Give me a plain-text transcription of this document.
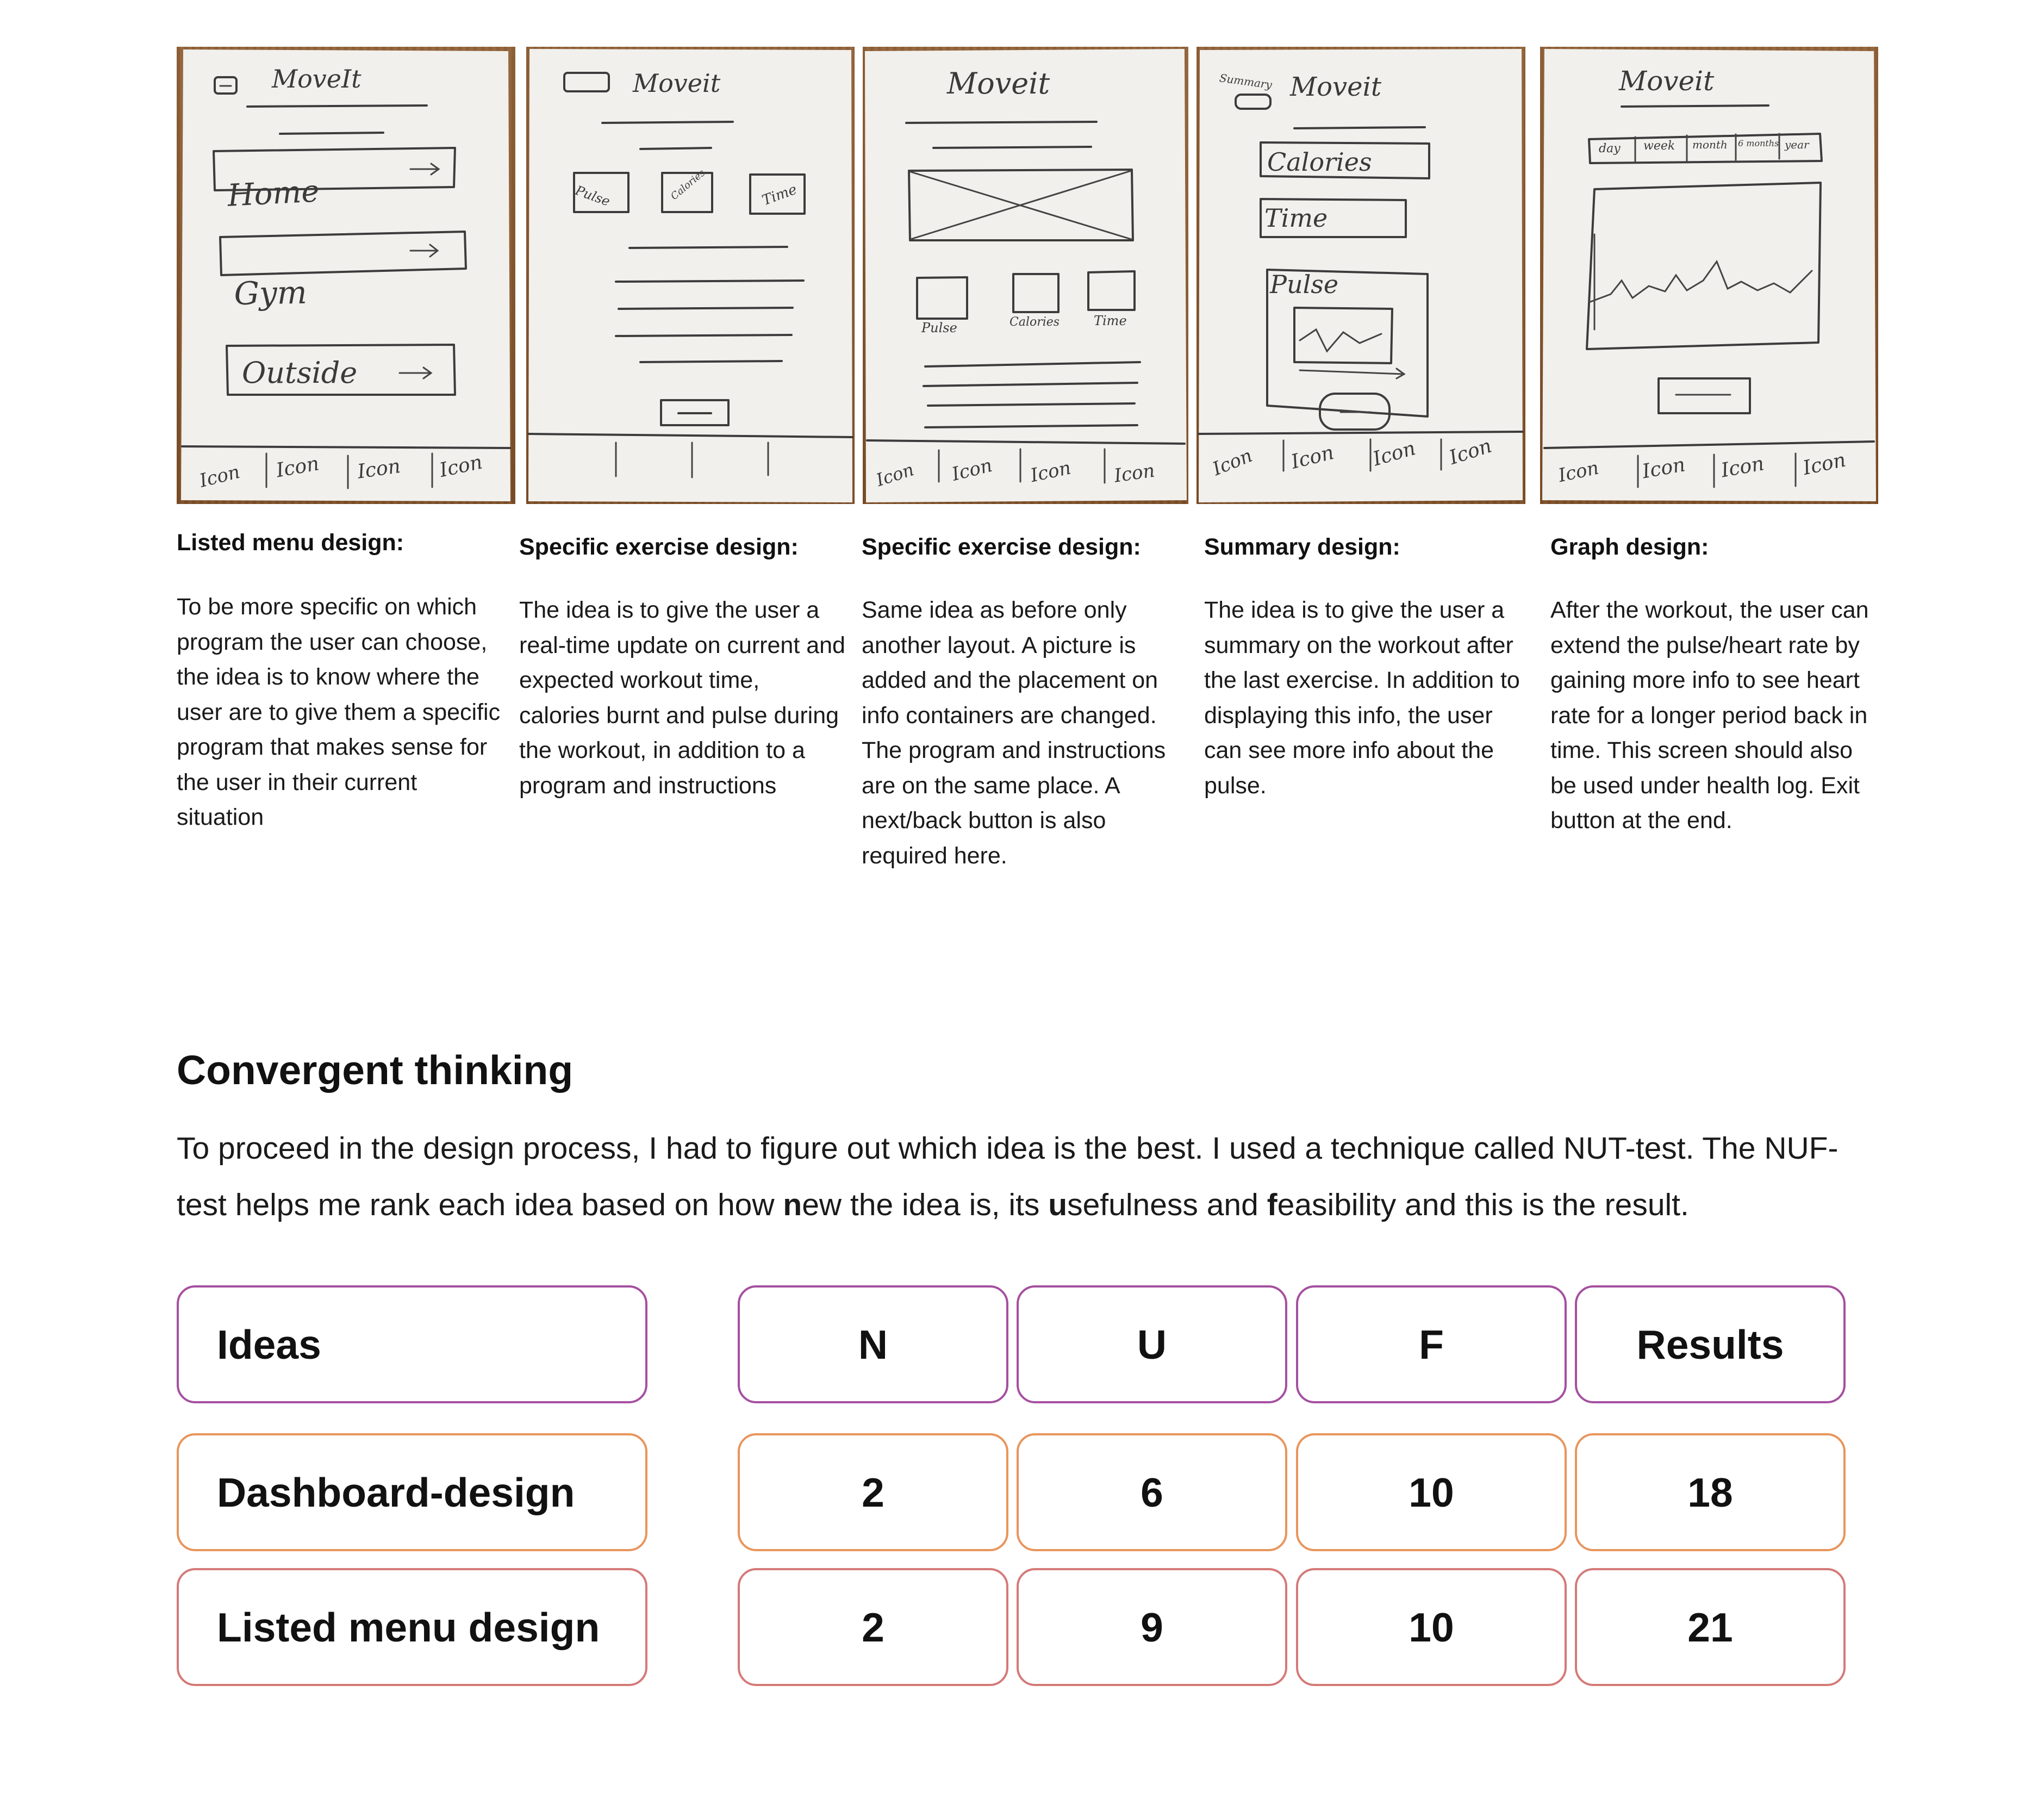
MoveIt
Home
Gym
Outside
Icon Icon Icon Icon
Moveit
Pulse	Calories	Time
Moveit
Pulse	Calories	Time
Icon Icon Icon Icon
Summary Moveit
Calories
Time
Pulse
Icon Icon Icon Icon
Moveit
day week month 6 months year
Icon Icon Icon Icon
Listed menu design:
To be more specific on which program the user can choose, the idea is to know where the user are to give them a specific program that makes sense for the user in their current situation
Specific exercise design:
The idea is to give the user a real-time update on current and expected workout time, calories burnt and pulse during the workout, in addition to a program and instructions
Specific exercise design:
Same idea as before only another layout. A picture is added and the placement on info containers are changed. The program and instructions are on the same place. A next/back button is also required here.
Summary design:
The idea is to give the user a summary on the workout after the last exercise. In addition to displaying this info, the user can see more info about the pulse.
Graph design:
After the workout, the user can extend the pulse/heart rate by gaining more info to see heart rate for a longer period back in time. This screen should also be used under health log. Exit button at the end.
Convergent thinking
To proceed in the design process, I had to figure out which idea is the best. I used a technique called NUT-test. The NUF-test helps me rank each idea based on how new the idea is, its usefulness and feasibility and this is the result.
Ideas	N	U	F	Results
Dashboard-design	2	6	10	18
Listed menu design	2	9	10	21
